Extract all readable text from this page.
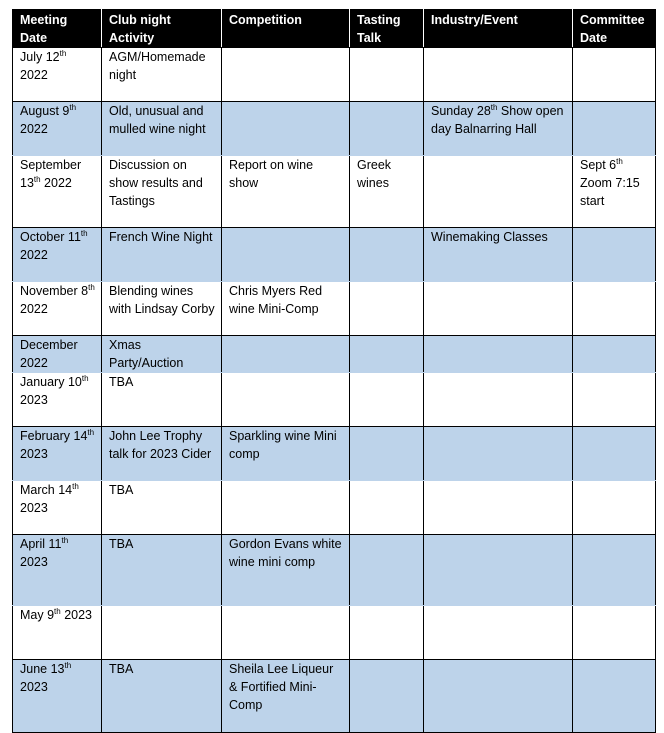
Meeting Date	Club night Activity	Competition	Tasting Talk	Industry/Event	Committee Date
July 12th 2022	AGM/Homemade night				
August 9th 2022	Old, unusual and mulled wine night			Sunday 28th Show open day Balnarring Hall	
September 13th 2022	Discussion on show results and Tastings	Report on wine show	Greek wines		Sept 6th Zoom 7:15 start
October 11th 2022	French Wine Night			Winemaking Classes	
November 8th 2022	Blending wines with Lindsay Corby	Chris Myers Red wine Mini-Comp			
December 2022	Xmas Party/Auction				
January 10th 2023	TBA				
February 14th 2023	John Lee Trophy talk for 2023 Cider	Sparkling wine Mini comp			
March 14th 2023	TBA				
April 11th 2023	TBA	Gordon Evans white wine mini comp			
May 9th 2023					
June 13th 2023	TBA	Sheila Lee Liqueur & Fortified Mini-Comp			
